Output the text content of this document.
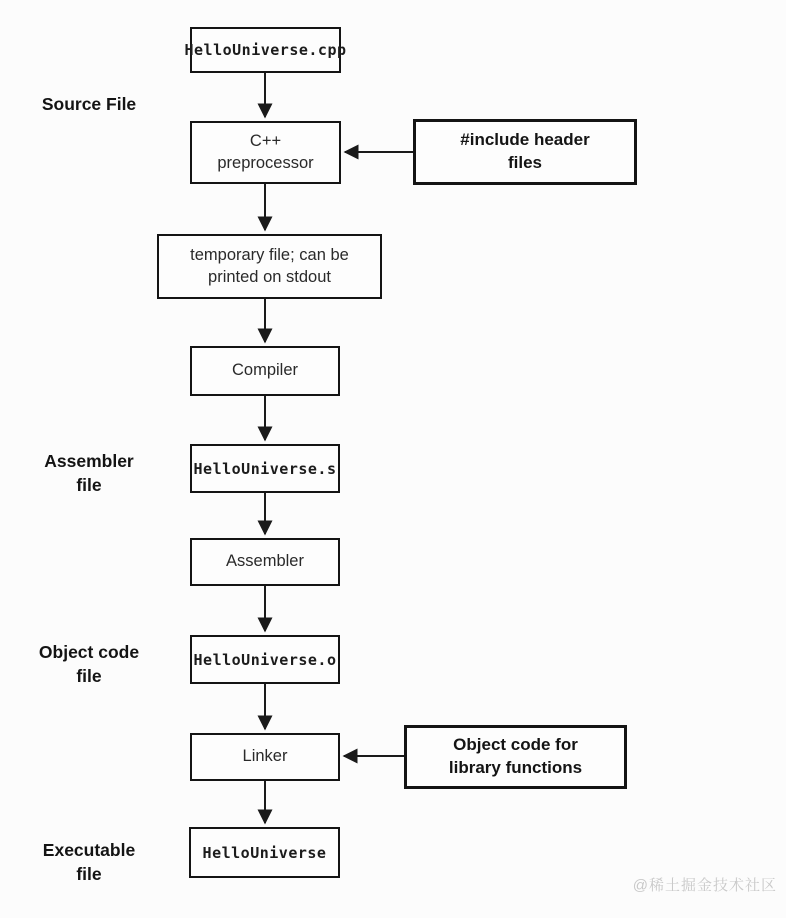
Source File
Assembler
file
Object code
file
Executable
file
HelloUniverse.cpp
C++
preprocessor
#include header
files
temporary file; can be
printed on stdout
Compiler
HelloUniverse.s
Assembler
HelloUniverse.o
Linker
Object code for
library functions
HelloUniverse
@稀土掘金技术社区
